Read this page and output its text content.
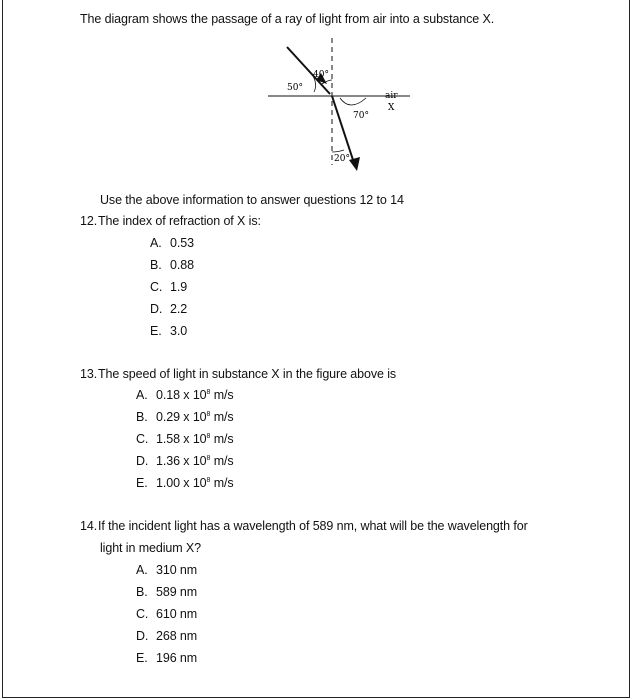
The diagram shows the passage of a ray of light from air into a substance X.
40°
50°
70°
20°
air
X
Use the above information to answer questions 12 to 14
12. The index of refraction of X is:
A. 0.53
B. 0.88
C. 1.9
D. 2.2
E. 3.0
13. The speed of light in substance X in the figure above is
A. 0.18 x $10^8$ m/s
B. 0.29 x $10^8$ m/s
C. 1.58 x $10^8$ m/s
D. 1.36 x $10^8$ m/s
E. 1.00 x $10^8$ m/s
14. If the incident light has a wavelength of 589 nm, what will be the wavelength for
light in medium X?
A. 310 nm
B. 589 nm
C. 610 nm
D. 268 nm
E. 196 nm
